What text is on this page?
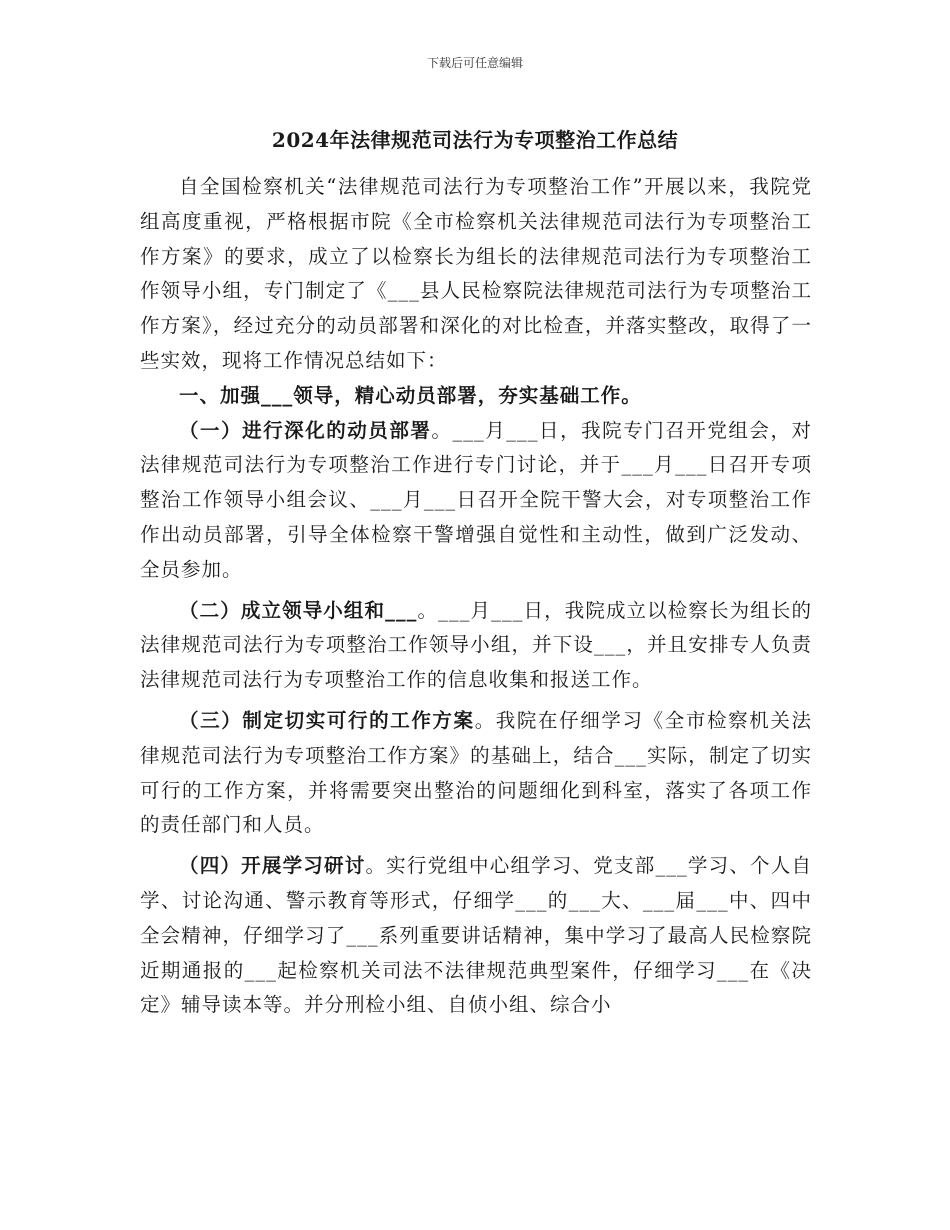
下载后可任意编辑
2024年法律规范司法行为专项整治工作总结

自全国检察机关“法律规范司法行为专项整治工作”开展以来，我院党组高度重视，严格根据市院《全市检察机关法律规范司法行为专项整治工作方案》的要求，成立了以检察长为组长的法律规范司法行为专项整治工作领导小组，专门制定了《___县人民检察院法律规范司法行为专项整治工作方案》，经过充分的动员部署和深化的对比检查，并落实整改，取得了一些实效，现将工作情况总结如下：

一、加强___领导，精心动员部署，夯实基础工作。

（一）进行深化的动员部署。___月___日，我院专门召开党组会，对法律规范司法行为专项整治工作进行专门讨论，并于___月___日召开专项整治工作领导小组会议、___月___日召开全院干警大会，对专项整治工作作出动员部署，引导全体检察干警增强自觉性和主动性，做到广泛发动、全员参加。

（二）成立领导小组和___。___月___日，我院成立以检察长为组长的法律规范司法行为专项整治工作领导小组，并下设___，并且安排专人负责法律规范司法行为专项整治工作的信息收集和报送工作。

（三）制定切实可行的工作方案。我院在仔细学习《全市检察机关法律规范司法行为专项整治工作方案》的基础上，结合___实际，制定了切实可行的工作方案，并将需要突出整治的问题细化到科室，落实了各项工作的责任部门和人员。

（四）开展学习研讨。实行党组中心组学习、党支部___学习、个人自学、讨论沟通、警示教育等形式，仔细学___的___大、___届___中、四中全会精神，仔细学习了___系列重要讲话精神，集中学习了最高人民检察院近期通报的___起检察机关司法不法律规范典型案件，仔细学习___在《决定》辅导读本等。并分刑检小组、自侦小组、综合小
